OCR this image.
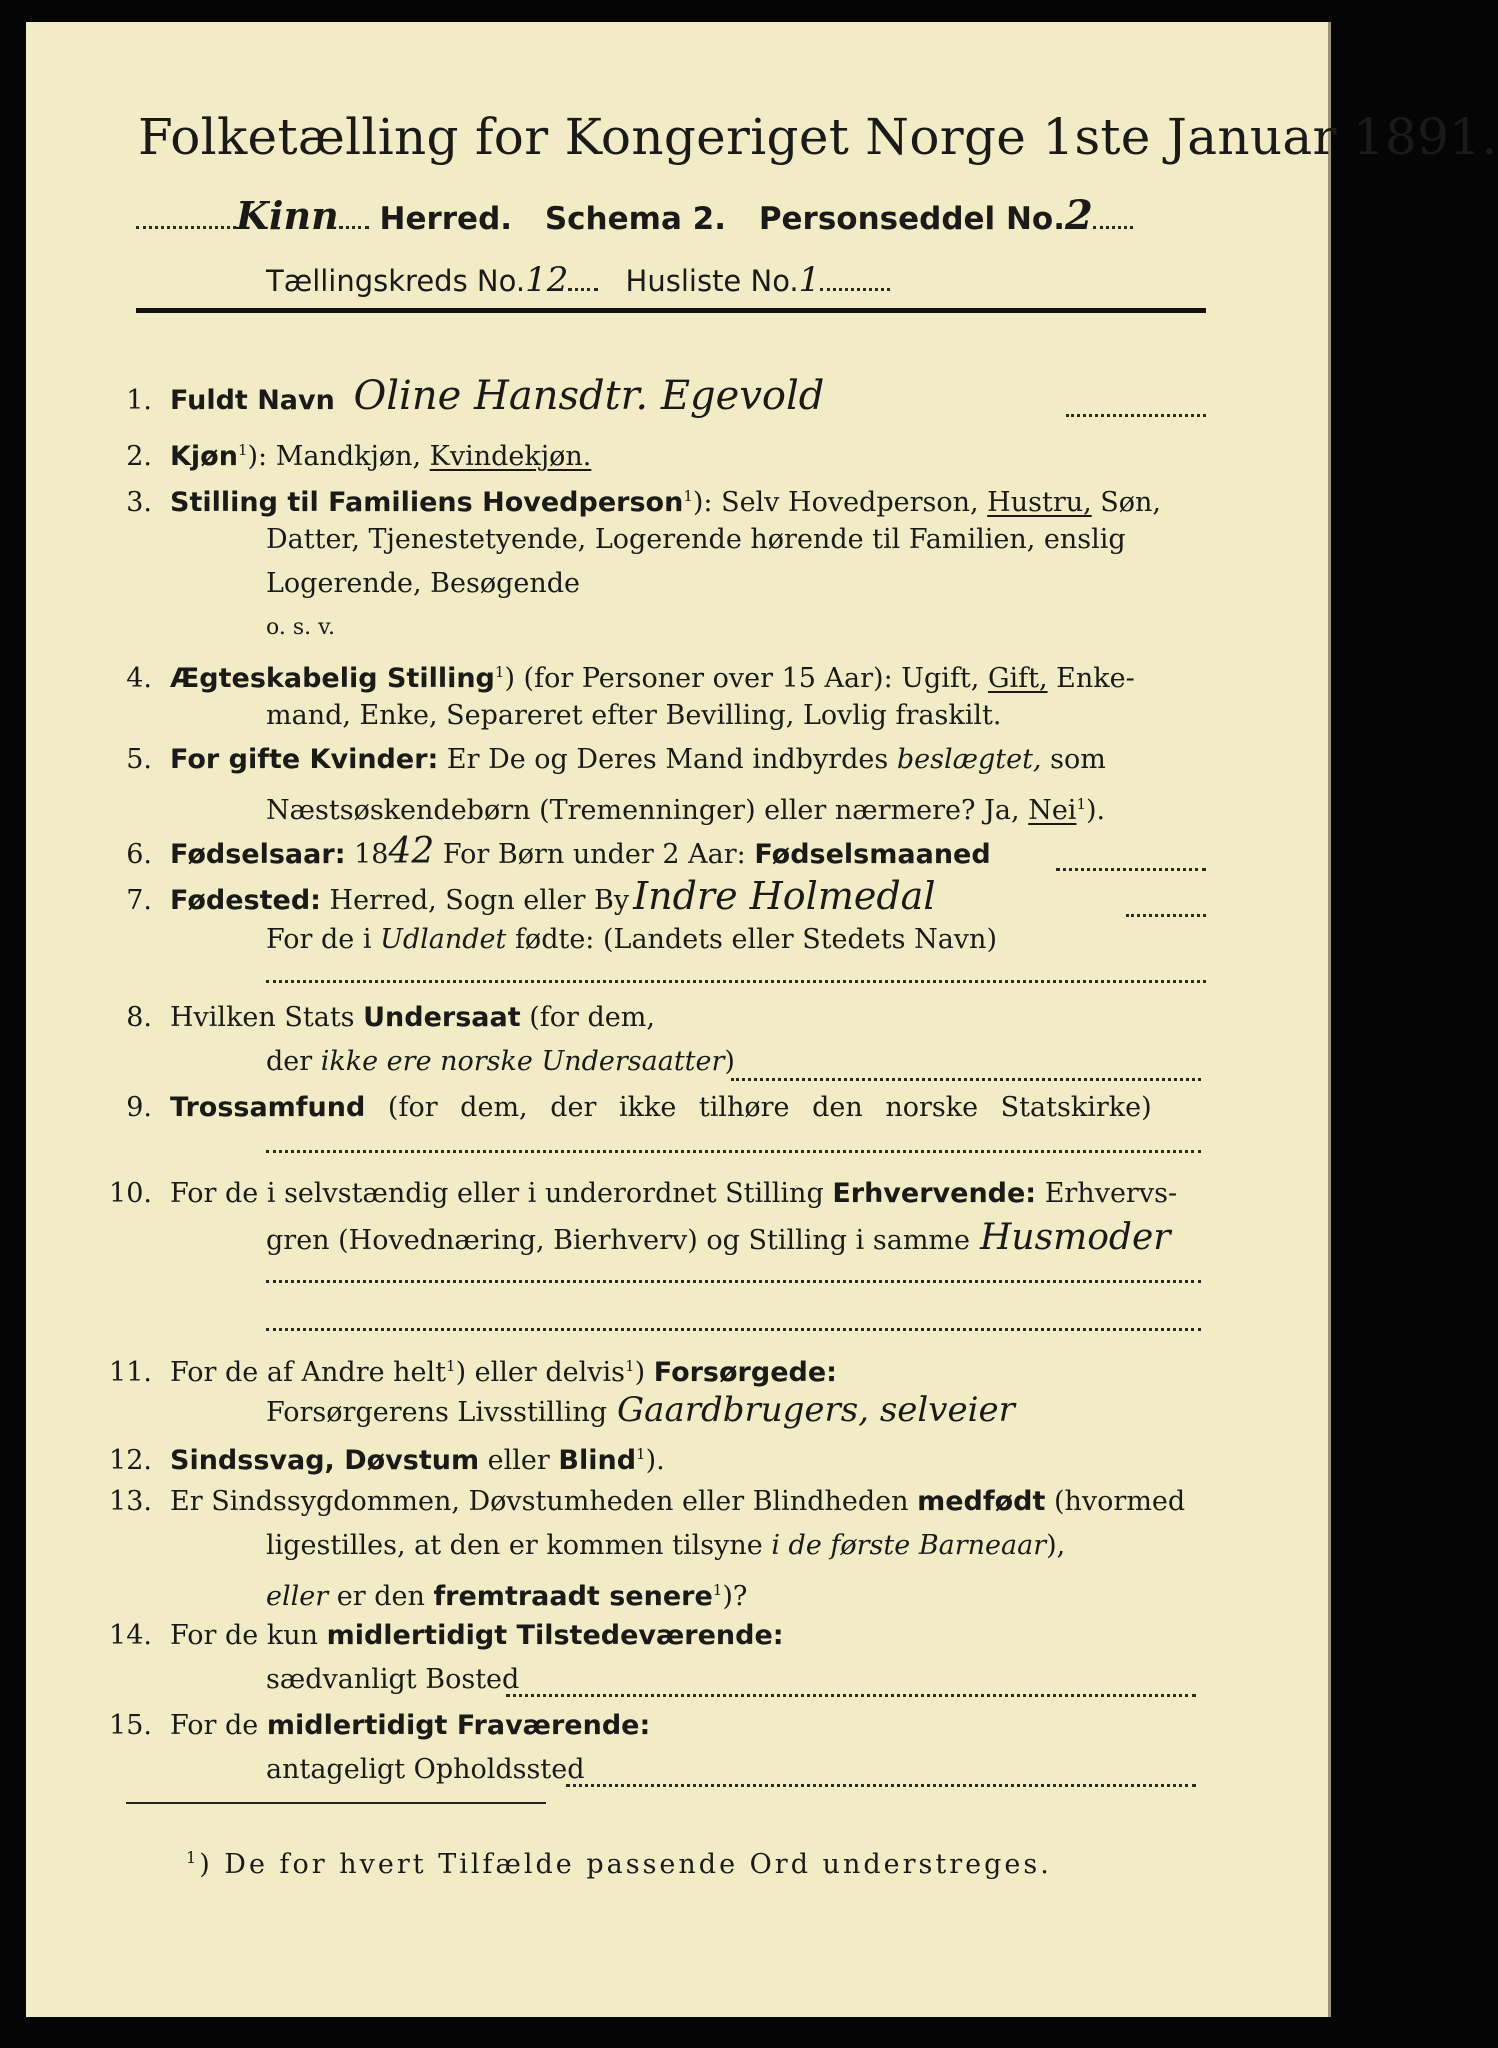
Folketælling for Kongeriget Norge 1ste Januar 1891.
Kinn Herred. Schema 2. Personseddel No.2
Tællingskreds No.12 Husliste No.1
1. Fuldt Navn Oline Hansdtr. Egevold
2. Kjøn$^1$): Mandkjøn, Kvindekjøn.
3. Stilling til Familiens Hovedperson$^1$): Selv Hovedperson, Hustru, Søn,
Datter, Tjenestetyende, Logerende hørende til Familien, enslig
Logerende, Besøgende
o. s. v.
4. Ægteskabelig Stilling$^1$) (for Personer over 15 Aar): Ugift, Gift, Enke-
mand, Enke, Separeret efter Bevilling, Lovlig fraskilt.
5. For gifte Kvinder: Er De og Deres Mand indbyrdes beslægtet, som
Næstsøskendebørn (Tremenninger) eller nærmere? Ja, Nei$^1$).
6. Fødselsaar: 1842 For Børn under 2 Aar: Fødselsmaaned
7. Fødested: Herred, Sogn eller By Indre Holmedal
For de i Udlandet fødte: (Landets eller Stedets Navn)
8. Hvilken Stats Undersaat (for dem,
der ikke ere norske Undersaatter)
9. Trossamfund (for dem, der ikke tilhøre den norske Statskirke)
10. For de i selvstændig eller i underordnet Stilling Erhvervende: Erhvervs-
gren (Hovednæring, Bierhverv) og Stilling i samme Husmoder
11. For de af Andre helt$^1$) eller delvis$^1$) Forsørgede:
Forsørgerens Livsstilling Gaardbrugers, selveier
12. Sindssvag, Døvstum eller Blind$^1$).
13. Er Sindssygdommen, Døvstumheden eller Blindheden medfødt (hvormed
ligestilles, at den er kommen tilsyne i de første Barneaar),
eller er den fremtraadt senere$^1$)?
14. For de kun midlertidigt Tilstedeværende:
sædvanligt Bosted
15. For de midlertidigt Fraværende:
antageligt Opholdssted
$^1$) De for hvert Tilfælde passende Ord understreges.
